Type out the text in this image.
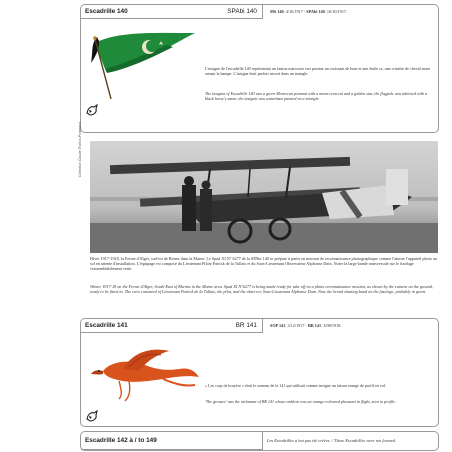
Escadrille 140	SPAbi 140	MS 140: 4/10/1917 - SPAbi 140: 16/10/1917.
L'insigne de l'escadrille 140 représentait un fanion marocain vert portant un croissant de lune et une étoile or, une crinière de cheval noire ornant la hampe. L'insigne était parfois inscrit dans un triangle.
The insignia of Escadrille 140 was a green Moroccan pennant with a moon crescent and a golden star, the flagpole was adorned with a black horse's mane, the insignia was sometimes painted on a triangle.
Collection Claude Thollon-Pommerol
Hiver 1917-1918, la Ferme d'Alger, sud-est de Reims dans la Marne. Le Spad XI N° 6277 de la SPAbi 140 se prépare à partir en mission de reconnaissance photographique comme l'atteste l'appareil photo au sol en attente d'installation. L'équipage est composé du Lieutenant Pilote Patrick de la Tullais et du Sous-Lieutenant Observateur Alphonse Dain. Noter la large bande transversale sur le fuselage vraisemblablement verte.
Winter 1917-18 on the Ferme d'Alger, South-East of Rheims in the Marne area. Spad XI N°6277 is being made ready for take off on a photo reconnaissance mission, as shown by the camera on the ground, ready to be fitted in. The crew consisted of Lieutenant Patrick de la Tullais, the pilot, and the observer, Sous-Lieutenant Alphonse Dain. Note the broad slanting band on the fuselage, probably in green.
Escadrille 141	BR 141	SOP 141: 3/12/1917 - BR 141: 3/08/1918.
« Les coqs de bruyère » était le surnom de la 141 qui utilisait comme insigne un faisan orange de profil en vol.
'The grouses' was the nickname of BR 141 whose emblem was an orange-coloured pheasant in flight, seen in profile.
Escadrille 142 à / to 149	Les Escadrilles n'ont pas été créées. / These Escadrilles were not formed.
